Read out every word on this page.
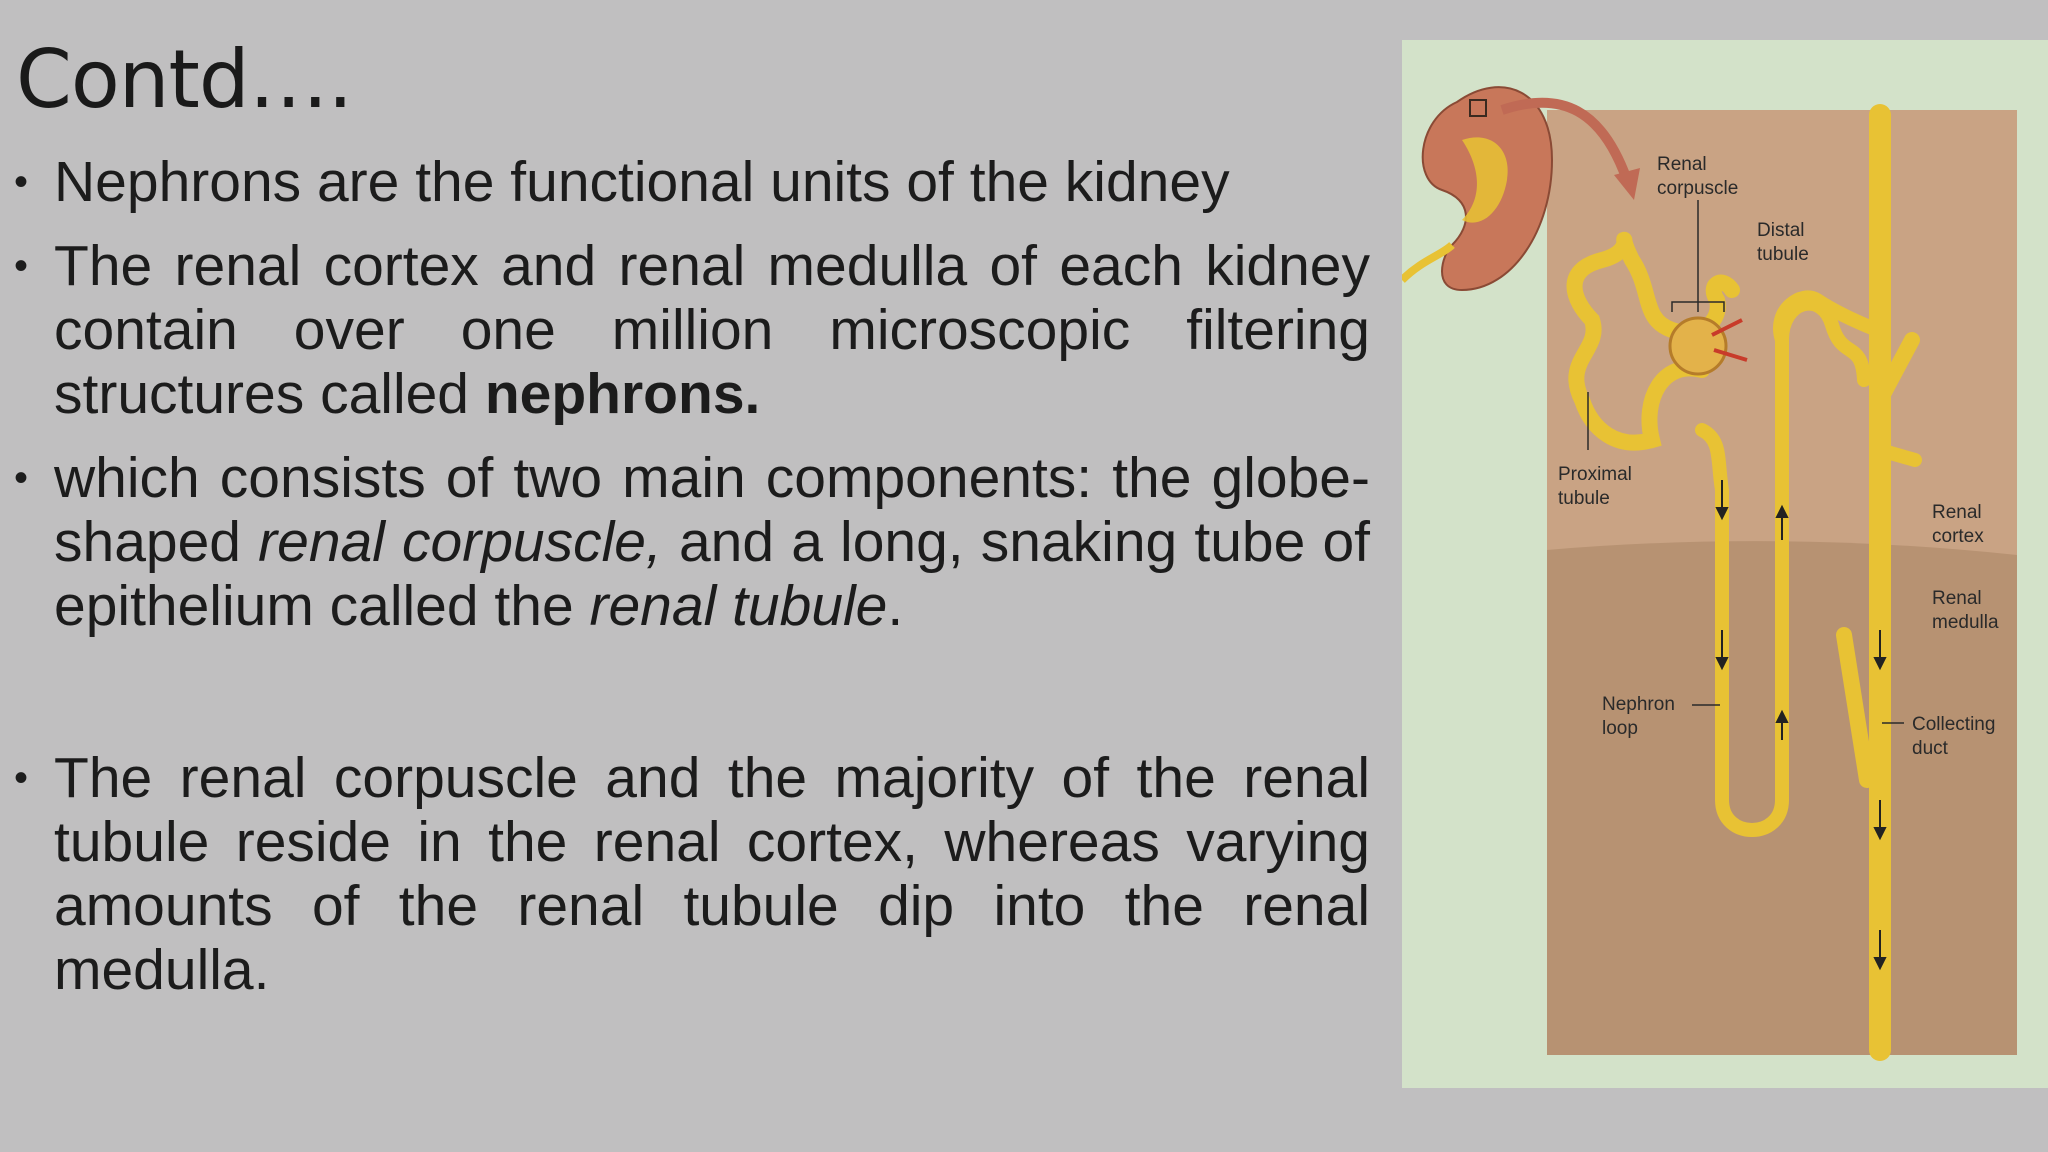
Contd….
• Nephrons are the functional units of the kidney
• The renal cortex and renal medulla of each kidney contain over one million microscopic filtering structures called nephrons.
• which consists of two main components: the globe-shaped renal corpuscle, and a long, snaking tube of epithelium called the renal tubule.
• The renal corpuscle and the majority of the renal tubule reside in the renal cortex, whereas varying amounts of the renal tubule dip into the renal medulla.
Renal
corpuscle
Distal
tubule
Proximal
tubule
Renal
cortex
Renal
medulla
Nephron
loop	Collecting
duct
